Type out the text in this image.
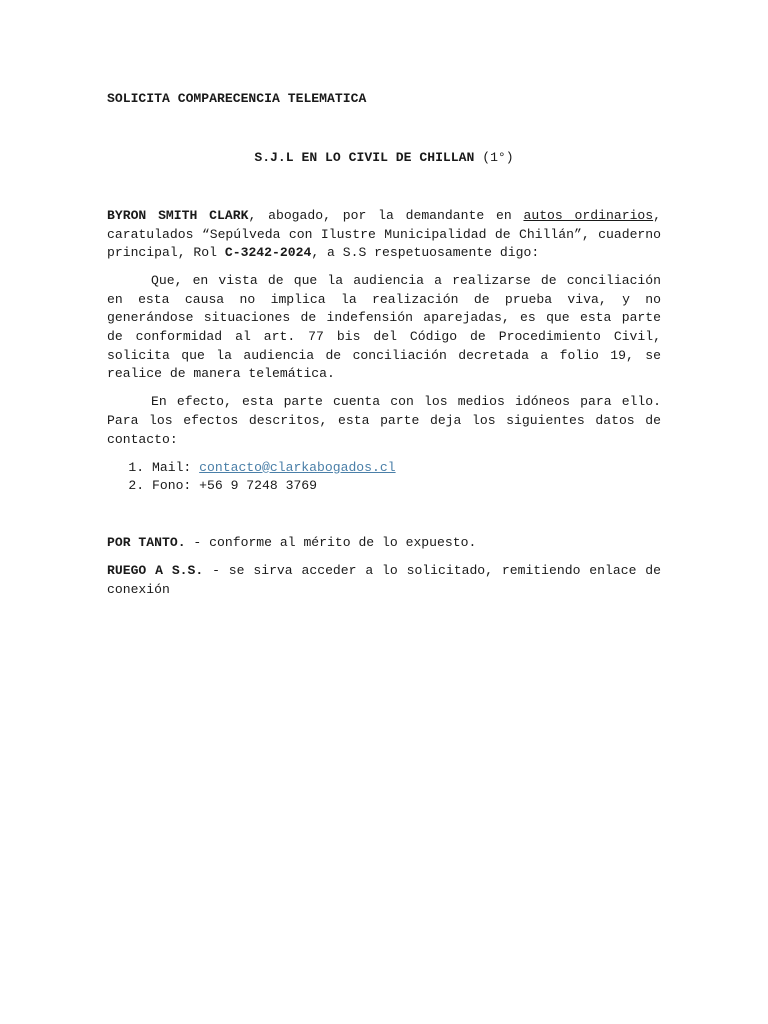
SOLICITA COMPARECENCIA TELEMATICA
S.J.L EN LO CIVIL DE CHILLAN (1°)

BYRON SMITH CLARK, abogado, por la demandante en autos ordinarios, caratulados “Sepúlveda con Ilustre Municipalidad de Chillán”, cuaderno principal, Rol C-3242-2024, a S.S respetuosamente digo:

Que, en vista de que la audiencia a realizarse de conciliación en esta causa no implica la realización de prueba viva, y no generándose situaciones de indefensión aparejadas, es que esta parte de conformidad al art. 77 bis del Código de Procedimiento Civil, solicita que la audiencia de conciliación decretada a folio 19, se realice de manera telemática.

En efecto, esta parte cuenta con los medios idóneos para ello. Para los efectos descritos, esta parte deja los siguientes datos de contacto:

1. Mail: contacto@clarkabogados.cl
2. Fono: +56 9 7248 3769

POR TANTO. - conforme al mérito de lo expuesto.

RUEGO A S.S. - se sirva acceder a lo solicitado, remitiendo enlace de conexión
